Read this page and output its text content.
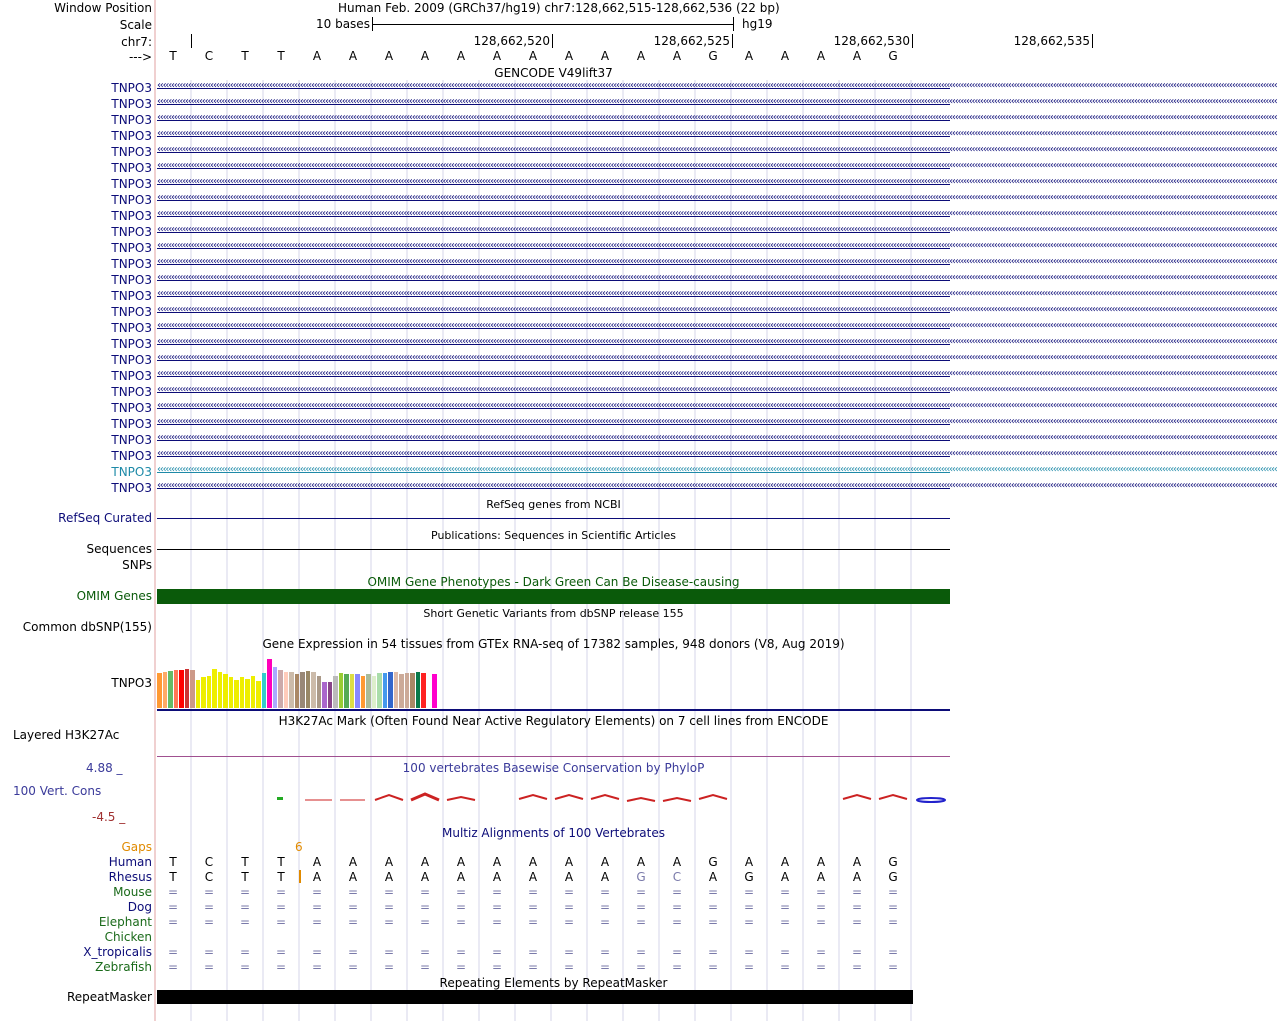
Window Position	Human Feb. 2009 (GRCh37/hg19) chr7:128,662,515-128,662,536 (22 bp)
Scale	10 bases	hg19
chr7:	128,662,520	128,662,525	128,662,530	128,662,535
--->	T	C	T	T	A	A	A	A	A	A	A	A	A	A	A	G	A	A	A	A	G
GENCODE V49lift37
TNPO3 ‹‹‹‹‹‹‹‹‹‹‹‹‹‹‹‹‹‹‹‹‹‹‹‹‹‹‹‹‹‹‹‹‹‹‹‹‹‹‹‹‹‹‹‹‹‹‹‹‹‹‹‹‹‹‹‹‹‹‹‹‹‹‹‹‹‹‹‹‹‹‹‹‹‹‹‹‹‹‹‹‹‹‹‹‹‹‹‹‹‹‹‹‹‹‹‹‹‹‹‹‹‹‹‹‹‹‹‹‹‹‹‹‹‹‹‹‹‹‹‹‹‹‹‹‹‹‹‹‹‹‹‹‹‹‹‹‹‹‹‹‹‹‹‹‹‹‹‹‹‹‹‹‹‹‹‹‹‹‹‹‹‹‹‹‹‹‹‹‹‹‹‹‹‹‹‹‹‹‹‹‹‹‹‹‹‹‹‹‹‹‹‹‹‹‹‹‹‹‹‹‹‹‹‹‹‹‹‹‹‹‹‹‹‹‹‹‹‹‹‹‹‹‹‹‹‹‹‹‹‹‹‹‹‹‹‹‹‹‹‹‹‹‹‹‹‹‹‹‹‹‹‹‹‹‹‹‹‹‹‹‹‹‹‹‹‹‹‹‹‹‹‹‹‹‹‹‹‹‹‹‹‹‹‹‹‹‹‹‹‹‹‹‹‹‹‹‹‹‹‹‹‹‹‹‹‹‹‹‹‹‹‹‹‹‹‹‹‹‹‹‹‹‹‹‹‹‹‹‹‹‹‹‹‹‹‹‹‹‹‹‹‹‹‹‹‹‹‹‹‹‹‹‹‹‹‹‹‹‹‹‹‹‹‹‹‹‹‹‹‹‹‹‹‹‹‹‹‹‹‹‹‹‹‹‹‹‹‹‹‹‹‹‹‹‹‹‹‹‹‹
TNPO3 ‹‹‹‹‹‹‹‹‹‹‹‹‹‹‹‹‹‹‹‹‹‹‹‹‹‹‹‹‹‹‹‹‹‹‹‹‹‹‹‹‹‹‹‹‹‹‹‹‹‹‹‹‹‹‹‹‹‹‹‹‹‹‹‹‹‹‹‹‹‹‹‹‹‹‹‹‹‹‹‹‹‹‹‹‹‹‹‹‹‹‹‹‹‹‹‹‹‹‹‹‹‹‹‹‹‹‹‹‹‹‹‹‹‹‹‹‹‹‹‹‹‹‹‹‹‹‹‹‹‹‹‹‹‹‹‹‹‹‹‹‹‹‹‹‹‹‹‹‹‹‹‹‹‹‹‹‹‹‹‹‹‹‹‹‹‹‹‹‹‹‹‹‹‹‹‹‹‹‹‹‹‹‹‹‹‹‹‹‹‹‹‹‹‹‹‹‹‹‹‹‹‹‹‹‹‹‹‹‹‹‹‹‹‹‹‹‹‹‹‹‹‹‹‹‹‹‹‹‹‹‹‹‹‹‹‹‹‹‹‹‹‹‹‹‹‹‹‹‹‹‹‹‹‹‹‹‹‹‹‹‹‹‹‹‹‹‹‹‹‹‹‹‹‹‹‹‹‹‹‹‹‹‹‹‹‹‹‹‹‹‹‹‹‹‹‹‹‹‹‹‹‹‹‹‹‹‹‹‹‹‹‹‹‹‹‹‹‹‹‹‹‹‹‹‹‹‹‹‹‹‹‹‹‹‹‹‹‹‹‹‹‹‹‹‹‹‹‹‹‹‹‹‹‹‹‹‹‹‹‹‹‹‹‹‹‹‹‹‹‹‹‹‹‹‹‹‹‹‹‹‹‹‹‹‹‹‹‹‹‹‹‹‹‹‹‹‹‹‹‹
TNPO3 ‹‹‹‹‹‹‹‹‹‹‹‹‹‹‹‹‹‹‹‹‹‹‹‹‹‹‹‹‹‹‹‹‹‹‹‹‹‹‹‹‹‹‹‹‹‹‹‹‹‹‹‹‹‹‹‹‹‹‹‹‹‹‹‹‹‹‹‹‹‹‹‹‹‹‹‹‹‹‹‹‹‹‹‹‹‹‹‹‹‹‹‹‹‹‹‹‹‹‹‹‹‹‹‹‹‹‹‹‹‹‹‹‹‹‹‹‹‹‹‹‹‹‹‹‹‹‹‹‹‹‹‹‹‹‹‹‹‹‹‹‹‹‹‹‹‹‹‹‹‹‹‹‹‹‹‹‹‹‹‹‹‹‹‹‹‹‹‹‹‹‹‹‹‹‹‹‹‹‹‹‹‹‹‹‹‹‹‹‹‹‹‹‹‹‹‹‹‹‹‹‹‹‹‹‹‹‹‹‹‹‹‹‹‹‹‹‹‹‹‹‹‹‹‹‹‹‹‹‹‹‹‹‹‹‹‹‹‹‹‹‹‹‹‹‹‹‹‹‹‹‹‹‹‹‹‹‹‹‹‹‹‹‹‹‹‹‹‹‹‹‹‹‹‹‹‹‹‹‹‹‹‹‹‹‹‹‹‹‹‹‹‹‹‹‹‹‹‹‹‹‹‹‹‹‹‹‹‹‹‹‹‹‹‹‹‹‹‹‹‹‹‹‹‹‹‹‹‹‹‹‹‹‹‹‹‹‹‹‹‹‹‹‹‹‹‹‹‹‹‹‹‹‹‹‹‹‹‹‹‹‹‹‹‹‹‹‹‹‹‹‹‹‹‹‹‹‹‹‹‹‹‹‹‹‹‹‹‹‹‹‹‹‹‹‹‹‹‹‹‹
TNPO3 ‹‹‹‹‹‹‹‹‹‹‹‹‹‹‹‹‹‹‹‹‹‹‹‹‹‹‹‹‹‹‹‹‹‹‹‹‹‹‹‹‹‹‹‹‹‹‹‹‹‹‹‹‹‹‹‹‹‹‹‹‹‹‹‹‹‹‹‹‹‹‹‹‹‹‹‹‹‹‹‹‹‹‹‹‹‹‹‹‹‹‹‹‹‹‹‹‹‹‹‹‹‹‹‹‹‹‹‹‹‹‹‹‹‹‹‹‹‹‹‹‹‹‹‹‹‹‹‹‹‹‹‹‹‹‹‹‹‹‹‹‹‹‹‹‹‹‹‹‹‹‹‹‹‹‹‹‹‹‹‹‹‹‹‹‹‹‹‹‹‹‹‹‹‹‹‹‹‹‹‹‹‹‹‹‹‹‹‹‹‹‹‹‹‹‹‹‹‹‹‹‹‹‹‹‹‹‹‹‹‹‹‹‹‹‹‹‹‹‹‹‹‹‹‹‹‹‹‹‹‹‹‹‹‹‹‹‹‹‹‹‹‹‹‹‹‹‹‹‹‹‹‹‹‹‹‹‹‹‹‹‹‹‹‹‹‹‹‹‹‹‹‹‹‹‹‹‹‹‹‹‹‹‹‹‹‹‹‹‹‹‹‹‹‹‹‹‹‹‹‹‹‹‹‹‹‹‹‹‹‹‹‹‹‹‹‹‹‹‹‹‹‹‹‹‹‹‹‹‹‹‹‹‹‹‹‹‹‹‹‹‹‹‹‹‹‹‹‹‹‹‹‹‹‹‹‹‹‹‹‹‹‹‹‹‹‹‹‹‹‹‹‹‹‹‹‹‹‹‹‹‹‹‹‹‹‹‹‹‹‹‹‹‹‹‹‹‹‹‹‹
TNPO3 ‹‹‹‹‹‹‹‹‹‹‹‹‹‹‹‹‹‹‹‹‹‹‹‹‹‹‹‹‹‹‹‹‹‹‹‹‹‹‹‹‹‹‹‹‹‹‹‹‹‹‹‹‹‹‹‹‹‹‹‹‹‹‹‹‹‹‹‹‹‹‹‹‹‹‹‹‹‹‹‹‹‹‹‹‹‹‹‹‹‹‹‹‹‹‹‹‹‹‹‹‹‹‹‹‹‹‹‹‹‹‹‹‹‹‹‹‹‹‹‹‹‹‹‹‹‹‹‹‹‹‹‹‹‹‹‹‹‹‹‹‹‹‹‹‹‹‹‹‹‹‹‹‹‹‹‹‹‹‹‹‹‹‹‹‹‹‹‹‹‹‹‹‹‹‹‹‹‹‹‹‹‹‹‹‹‹‹‹‹‹‹‹‹‹‹‹‹‹‹‹‹‹‹‹‹‹‹‹‹‹‹‹‹‹‹‹‹‹‹‹‹‹‹‹‹‹‹‹‹‹‹‹‹‹‹‹‹‹‹‹‹‹‹‹‹‹‹‹‹‹‹‹‹‹‹‹‹‹‹‹‹‹‹‹‹‹‹‹‹‹‹‹‹‹‹‹‹‹‹‹‹‹‹‹‹‹‹‹‹‹‹‹‹‹‹‹‹‹‹‹‹‹‹‹‹‹‹‹‹‹‹‹‹‹‹‹‹‹‹‹‹‹‹‹‹‹‹‹‹‹‹‹‹‹‹‹‹‹‹‹‹‹‹‹‹‹‹‹‹‹‹‹‹‹‹‹‹‹‹‹‹‹‹‹‹‹‹‹‹‹‹‹‹‹‹‹‹‹‹‹‹‹‹‹‹‹‹‹‹‹‹‹‹‹‹‹‹‹‹‹
TNPO3 ‹‹‹‹‹‹‹‹‹‹‹‹‹‹‹‹‹‹‹‹‹‹‹‹‹‹‹‹‹‹‹‹‹‹‹‹‹‹‹‹‹‹‹‹‹‹‹‹‹‹‹‹‹‹‹‹‹‹‹‹‹‹‹‹‹‹‹‹‹‹‹‹‹‹‹‹‹‹‹‹‹‹‹‹‹‹‹‹‹‹‹‹‹‹‹‹‹‹‹‹‹‹‹‹‹‹‹‹‹‹‹‹‹‹‹‹‹‹‹‹‹‹‹‹‹‹‹‹‹‹‹‹‹‹‹‹‹‹‹‹‹‹‹‹‹‹‹‹‹‹‹‹‹‹‹‹‹‹‹‹‹‹‹‹‹‹‹‹‹‹‹‹‹‹‹‹‹‹‹‹‹‹‹‹‹‹‹‹‹‹‹‹‹‹‹‹‹‹‹‹‹‹‹‹‹‹‹‹‹‹‹‹‹‹‹‹‹‹‹‹‹‹‹‹‹‹‹‹‹‹‹‹‹‹‹‹‹‹‹‹‹‹‹‹‹‹‹‹‹‹‹‹‹‹‹‹‹‹‹‹‹‹‹‹‹‹‹‹‹‹‹‹‹‹‹‹‹‹‹‹‹‹‹‹‹‹‹‹‹‹‹‹‹‹‹‹‹‹‹‹‹‹‹‹‹‹‹‹‹‹‹‹‹‹‹‹‹‹‹‹‹‹‹‹‹‹‹‹‹‹‹‹‹‹‹‹‹‹‹‹‹‹‹‹‹‹‹‹‹‹‹‹‹‹‹‹‹‹‹‹‹‹‹‹‹‹‹‹‹‹‹‹‹‹‹‹‹‹‹‹‹‹‹‹‹‹‹‹‹‹‹‹‹‹‹‹‹‹‹‹
TNPO3 ‹‹‹‹‹‹‹‹‹‹‹‹‹‹‹‹‹‹‹‹‹‹‹‹‹‹‹‹‹‹‹‹‹‹‹‹‹‹‹‹‹‹‹‹‹‹‹‹‹‹‹‹‹‹‹‹‹‹‹‹‹‹‹‹‹‹‹‹‹‹‹‹‹‹‹‹‹‹‹‹‹‹‹‹‹‹‹‹‹‹‹‹‹‹‹‹‹‹‹‹‹‹‹‹‹‹‹‹‹‹‹‹‹‹‹‹‹‹‹‹‹‹‹‹‹‹‹‹‹‹‹‹‹‹‹‹‹‹‹‹‹‹‹‹‹‹‹‹‹‹‹‹‹‹‹‹‹‹‹‹‹‹‹‹‹‹‹‹‹‹‹‹‹‹‹‹‹‹‹‹‹‹‹‹‹‹‹‹‹‹‹‹‹‹‹‹‹‹‹‹‹‹‹‹‹‹‹‹‹‹‹‹‹‹‹‹‹‹‹‹‹‹‹‹‹‹‹‹‹‹‹‹‹‹‹‹‹‹‹‹‹‹‹‹‹‹‹‹‹‹‹‹‹‹‹‹‹‹‹‹‹‹‹‹‹‹‹‹‹‹‹‹‹‹‹‹‹‹‹‹‹‹‹‹‹‹‹‹‹‹‹‹‹‹‹‹‹‹‹‹‹‹‹‹‹‹‹‹‹‹‹‹‹‹‹‹‹‹‹‹‹‹‹‹‹‹‹‹‹‹‹‹‹‹‹‹‹‹‹‹‹‹‹‹‹‹‹‹‹‹‹‹‹‹‹‹‹‹‹‹‹‹‹‹‹‹‹‹‹‹‹‹‹‹‹‹‹‹‹‹‹‹‹‹‹‹‹‹‹‹‹‹‹‹‹‹‹‹‹‹
TNPO3 ‹‹‹‹‹‹‹‹‹‹‹‹‹‹‹‹‹‹‹‹‹‹‹‹‹‹‹‹‹‹‹‹‹‹‹‹‹‹‹‹‹‹‹‹‹‹‹‹‹‹‹‹‹‹‹‹‹‹‹‹‹‹‹‹‹‹‹‹‹‹‹‹‹‹‹‹‹‹‹‹‹‹‹‹‹‹‹‹‹‹‹‹‹‹‹‹‹‹‹‹‹‹‹‹‹‹‹‹‹‹‹‹‹‹‹‹‹‹‹‹‹‹‹‹‹‹‹‹‹‹‹‹‹‹‹‹‹‹‹‹‹‹‹‹‹‹‹‹‹‹‹‹‹‹‹‹‹‹‹‹‹‹‹‹‹‹‹‹‹‹‹‹‹‹‹‹‹‹‹‹‹‹‹‹‹‹‹‹‹‹‹‹‹‹‹‹‹‹‹‹‹‹‹‹‹‹‹‹‹‹‹‹‹‹‹‹‹‹‹‹‹‹‹‹‹‹‹‹‹‹‹‹‹‹‹‹‹‹‹‹‹‹‹‹‹‹‹‹‹‹‹‹‹‹‹‹‹‹‹‹‹‹‹‹‹‹‹‹‹‹‹‹‹‹‹‹‹‹‹‹‹‹‹‹‹‹‹‹‹‹‹‹‹‹‹‹‹‹‹‹‹‹‹‹‹‹‹‹‹‹‹‹‹‹‹‹‹‹‹‹‹‹‹‹‹‹‹‹‹‹‹‹‹‹‹‹‹‹‹‹‹‹‹‹‹‹‹‹‹‹‹‹‹‹‹‹‹‹‹‹‹‹‹‹‹‹‹‹‹‹‹‹‹‹‹‹‹‹‹‹‹‹‹‹‹‹‹‹‹‹‹‹‹‹‹‹‹‹‹‹
TNPO3 ‹‹‹‹‹‹‹‹‹‹‹‹‹‹‹‹‹‹‹‹‹‹‹‹‹‹‹‹‹‹‹‹‹‹‹‹‹‹‹‹‹‹‹‹‹‹‹‹‹‹‹‹‹‹‹‹‹‹‹‹‹‹‹‹‹‹‹‹‹‹‹‹‹‹‹‹‹‹‹‹‹‹‹‹‹‹‹‹‹‹‹‹‹‹‹‹‹‹‹‹‹‹‹‹‹‹‹‹‹‹‹‹‹‹‹‹‹‹‹‹‹‹‹‹‹‹‹‹‹‹‹‹‹‹‹‹‹‹‹‹‹‹‹‹‹‹‹‹‹‹‹‹‹‹‹‹‹‹‹‹‹‹‹‹‹‹‹‹‹‹‹‹‹‹‹‹‹‹‹‹‹‹‹‹‹‹‹‹‹‹‹‹‹‹‹‹‹‹‹‹‹‹‹‹‹‹‹‹‹‹‹‹‹‹‹‹‹‹‹‹‹‹‹‹‹‹‹‹‹‹‹‹‹‹‹‹‹‹‹‹‹‹‹‹‹‹‹‹‹‹‹‹‹‹‹‹‹‹‹‹‹‹‹‹‹‹‹‹‹‹‹‹‹‹‹‹‹‹‹‹‹‹‹‹‹‹‹‹‹‹‹‹‹‹‹‹‹‹‹‹‹‹‹‹‹‹‹‹‹‹‹‹‹‹‹‹‹‹‹‹‹‹‹‹‹‹‹‹‹‹‹‹‹‹‹‹‹‹‹‹‹‹‹‹‹‹‹‹‹‹‹‹‹‹‹‹‹‹‹‹‹‹‹‹‹‹‹‹‹‹‹‹‹‹‹‹‹‹‹‹‹‹‹‹‹‹‹‹‹‹‹‹‹‹‹‹‹‹‹‹
TNPO3 ‹‹‹‹‹‹‹‹‹‹‹‹‹‹‹‹‹‹‹‹‹‹‹‹‹‹‹‹‹‹‹‹‹‹‹‹‹‹‹‹‹‹‹‹‹‹‹‹‹‹‹‹‹‹‹‹‹‹‹‹‹‹‹‹‹‹‹‹‹‹‹‹‹‹‹‹‹‹‹‹‹‹‹‹‹‹‹‹‹‹‹‹‹‹‹‹‹‹‹‹‹‹‹‹‹‹‹‹‹‹‹‹‹‹‹‹‹‹‹‹‹‹‹‹‹‹‹‹‹‹‹‹‹‹‹‹‹‹‹‹‹‹‹‹‹‹‹‹‹‹‹‹‹‹‹‹‹‹‹‹‹‹‹‹‹‹‹‹‹‹‹‹‹‹‹‹‹‹‹‹‹‹‹‹‹‹‹‹‹‹‹‹‹‹‹‹‹‹‹‹‹‹‹‹‹‹‹‹‹‹‹‹‹‹‹‹‹‹‹‹‹‹‹‹‹‹‹‹‹‹‹‹‹‹‹‹‹‹‹‹‹‹‹‹‹‹‹‹‹‹‹‹‹‹‹‹‹‹‹‹‹‹‹‹‹‹‹‹‹‹‹‹‹‹‹‹‹‹‹‹‹‹‹‹‹‹‹‹‹‹‹‹‹‹‹‹‹‹‹‹‹‹‹‹‹‹‹‹‹‹‹‹‹‹‹‹‹‹‹‹‹‹‹‹‹‹‹‹‹‹‹‹‹‹‹‹‹‹‹‹‹‹‹‹‹‹‹‹‹‹‹‹‹‹‹‹‹‹‹‹‹‹‹‹‹‹‹‹‹‹‹‹‹‹‹‹‹‹‹‹‹‹‹‹‹‹‹‹‹‹‹‹‹‹‹‹‹‹‹‹
TNPO3 ‹‹‹‹‹‹‹‹‹‹‹‹‹‹‹‹‹‹‹‹‹‹‹‹‹‹‹‹‹‹‹‹‹‹‹‹‹‹‹‹‹‹‹‹‹‹‹‹‹‹‹‹‹‹‹‹‹‹‹‹‹‹‹‹‹‹‹‹‹‹‹‹‹‹‹‹‹‹‹‹‹‹‹‹‹‹‹‹‹‹‹‹‹‹‹‹‹‹‹‹‹‹‹‹‹‹‹‹‹‹‹‹‹‹‹‹‹‹‹‹‹‹‹‹‹‹‹‹‹‹‹‹‹‹‹‹‹‹‹‹‹‹‹‹‹‹‹‹‹‹‹‹‹‹‹‹‹‹‹‹‹‹‹‹‹‹‹‹‹‹‹‹‹‹‹‹‹‹‹‹‹‹‹‹‹‹‹‹‹‹‹‹‹‹‹‹‹‹‹‹‹‹‹‹‹‹‹‹‹‹‹‹‹‹‹‹‹‹‹‹‹‹‹‹‹‹‹‹‹‹‹‹‹‹‹‹‹‹‹‹‹‹‹‹‹‹‹‹‹‹‹‹‹‹‹‹‹‹‹‹‹‹‹‹‹‹‹‹‹‹‹‹‹‹‹‹‹‹‹‹‹‹‹‹‹‹‹‹‹‹‹‹‹‹‹‹‹‹‹‹‹‹‹‹‹‹‹‹‹‹‹‹‹‹‹‹‹‹‹‹‹‹‹‹‹‹‹‹‹‹‹‹‹‹‹‹‹‹‹‹‹‹‹‹‹‹‹‹‹‹‹‹‹‹‹‹‹‹‹‹‹‹‹‹‹‹‹‹‹‹‹‹‹‹‹‹‹‹‹‹‹‹‹‹‹‹‹‹‹‹‹‹‹‹‹‹‹‹‹‹
TNPO3 ‹‹‹‹‹‹‹‹‹‹‹‹‹‹‹‹‹‹‹‹‹‹‹‹‹‹‹‹‹‹‹‹‹‹‹‹‹‹‹‹‹‹‹‹‹‹‹‹‹‹‹‹‹‹‹‹‹‹‹‹‹‹‹‹‹‹‹‹‹‹‹‹‹‹‹‹‹‹‹‹‹‹‹‹‹‹‹‹‹‹‹‹‹‹‹‹‹‹‹‹‹‹‹‹‹‹‹‹‹‹‹‹‹‹‹‹‹‹‹‹‹‹‹‹‹‹‹‹‹‹‹‹‹‹‹‹‹‹‹‹‹‹‹‹‹‹‹‹‹‹‹‹‹‹‹‹‹‹‹‹‹‹‹‹‹‹‹‹‹‹‹‹‹‹‹‹‹‹‹‹‹‹‹‹‹‹‹‹‹‹‹‹‹‹‹‹‹‹‹‹‹‹‹‹‹‹‹‹‹‹‹‹‹‹‹‹‹‹‹‹‹‹‹‹‹‹‹‹‹‹‹‹‹‹‹‹‹‹‹‹‹‹‹‹‹‹‹‹‹‹‹‹‹‹‹‹‹‹‹‹‹‹‹‹‹‹‹‹‹‹‹‹‹‹‹‹‹‹‹‹‹‹‹‹‹‹‹‹‹‹‹‹‹‹‹‹‹‹‹‹‹‹‹‹‹‹‹‹‹‹‹‹‹‹‹‹‹‹‹‹‹‹‹‹‹‹‹‹‹‹‹‹‹‹‹‹‹‹‹‹‹‹‹‹‹‹‹‹‹‹‹‹‹‹‹‹‹‹‹‹‹‹‹‹‹‹‹‹‹‹‹‹‹‹‹‹‹‹‹‹‹‹‹‹‹‹‹‹‹‹‹‹‹‹‹‹‹‹‹‹
TNPO3 ‹‹‹‹‹‹‹‹‹‹‹‹‹‹‹‹‹‹‹‹‹‹‹‹‹‹‹‹‹‹‹‹‹‹‹‹‹‹‹‹‹‹‹‹‹‹‹‹‹‹‹‹‹‹‹‹‹‹‹‹‹‹‹‹‹‹‹‹‹‹‹‹‹‹‹‹‹‹‹‹‹‹‹‹‹‹‹‹‹‹‹‹‹‹‹‹‹‹‹‹‹‹‹‹‹‹‹‹‹‹‹‹‹‹‹‹‹‹‹‹‹‹‹‹‹‹‹‹‹‹‹‹‹‹‹‹‹‹‹‹‹‹‹‹‹‹‹‹‹‹‹‹‹‹‹‹‹‹‹‹‹‹‹‹‹‹‹‹‹‹‹‹‹‹‹‹‹‹‹‹‹‹‹‹‹‹‹‹‹‹‹‹‹‹‹‹‹‹‹‹‹‹‹‹‹‹‹‹‹‹‹‹‹‹‹‹‹‹‹‹‹‹‹‹‹‹‹‹‹‹‹‹‹‹‹‹‹‹‹‹‹‹‹‹‹‹‹‹‹‹‹‹‹‹‹‹‹‹‹‹‹‹‹‹‹‹‹‹‹‹‹‹‹‹‹‹‹‹‹‹‹‹‹‹‹‹‹‹‹‹‹‹‹‹‹‹‹‹‹‹‹‹‹‹‹‹‹‹‹‹‹‹‹‹‹‹‹‹‹‹‹‹‹‹‹‹‹‹‹‹‹‹‹‹‹‹‹‹‹‹‹‹‹‹‹‹‹‹‹‹‹‹‹‹‹‹‹‹‹‹‹‹‹‹‹‹‹‹‹‹‹‹‹‹‹‹‹‹‹‹‹‹‹‹‹‹‹‹‹‹‹‹‹‹‹‹‹‹‹‹
TNPO3 ‹‹‹‹‹‹‹‹‹‹‹‹‹‹‹‹‹‹‹‹‹‹‹‹‹‹‹‹‹‹‹‹‹‹‹‹‹‹‹‹‹‹‹‹‹‹‹‹‹‹‹‹‹‹‹‹‹‹‹‹‹‹‹‹‹‹‹‹‹‹‹‹‹‹‹‹‹‹‹‹‹‹‹‹‹‹‹‹‹‹‹‹‹‹‹‹‹‹‹‹‹‹‹‹‹‹‹‹‹‹‹‹‹‹‹‹‹‹‹‹‹‹‹‹‹‹‹‹‹‹‹‹‹‹‹‹‹‹‹‹‹‹‹‹‹‹‹‹‹‹‹‹‹‹‹‹‹‹‹‹‹‹‹‹‹‹‹‹‹‹‹‹‹‹‹‹‹‹‹‹‹‹‹‹‹‹‹‹‹‹‹‹‹‹‹‹‹‹‹‹‹‹‹‹‹‹‹‹‹‹‹‹‹‹‹‹‹‹‹‹‹‹‹‹‹‹‹‹‹‹‹‹‹‹‹‹‹‹‹‹‹‹‹‹‹‹‹‹‹‹‹‹‹‹‹‹‹‹‹‹‹‹‹‹‹‹‹‹‹‹‹‹‹‹‹‹‹‹‹‹‹‹‹‹‹‹‹‹‹‹‹‹‹‹‹‹‹‹‹‹‹‹‹‹‹‹‹‹‹‹‹‹‹‹‹‹‹‹‹‹‹‹‹‹‹‹‹‹‹‹‹‹‹‹‹‹‹‹‹‹‹‹‹‹‹‹‹‹‹‹‹‹‹‹‹‹‹‹‹‹‹‹‹‹‹‹‹‹‹‹‹‹‹‹‹‹‹‹‹‹‹‹‹‹‹‹‹‹‹‹‹‹‹‹‹‹‹‹‹‹
TNPO3 ‹‹‹‹‹‹‹‹‹‹‹‹‹‹‹‹‹‹‹‹‹‹‹‹‹‹‹‹‹‹‹‹‹‹‹‹‹‹‹‹‹‹‹‹‹‹‹‹‹‹‹‹‹‹‹‹‹‹‹‹‹‹‹‹‹‹‹‹‹‹‹‹‹‹‹‹‹‹‹‹‹‹‹‹‹‹‹‹‹‹‹‹‹‹‹‹‹‹‹‹‹‹‹‹‹‹‹‹‹‹‹‹‹‹‹‹‹‹‹‹‹‹‹‹‹‹‹‹‹‹‹‹‹‹‹‹‹‹‹‹‹‹‹‹‹‹‹‹‹‹‹‹‹‹‹‹‹‹‹‹‹‹‹‹‹‹‹‹‹‹‹‹‹‹‹‹‹‹‹‹‹‹‹‹‹‹‹‹‹‹‹‹‹‹‹‹‹‹‹‹‹‹‹‹‹‹‹‹‹‹‹‹‹‹‹‹‹‹‹‹‹‹‹‹‹‹‹‹‹‹‹‹‹‹‹‹‹‹‹‹‹‹‹‹‹‹‹‹‹‹‹‹‹‹‹‹‹‹‹‹‹‹‹‹‹‹‹‹‹‹‹‹‹‹‹‹‹‹‹‹‹‹‹‹‹‹‹‹‹‹‹‹‹‹‹‹‹‹‹‹‹‹‹‹‹‹‹‹‹‹‹‹‹‹‹‹‹‹‹‹‹‹‹‹‹‹‹‹‹‹‹‹‹‹‹‹‹‹‹‹‹‹‹‹‹‹‹‹‹‹‹‹‹‹‹‹‹‹‹‹‹‹‹‹‹‹‹‹‹‹‹‹‹‹‹‹‹‹‹‹‹‹‹‹‹‹‹‹‹‹‹‹‹‹‹‹‹‹‹‹
TNPO3 ‹‹‹‹‹‹‹‹‹‹‹‹‹‹‹‹‹‹‹‹‹‹‹‹‹‹‹‹‹‹‹‹‹‹‹‹‹‹‹‹‹‹‹‹‹‹‹‹‹‹‹‹‹‹‹‹‹‹‹‹‹‹‹‹‹‹‹‹‹‹‹‹‹‹‹‹‹‹‹‹‹‹‹‹‹‹‹‹‹‹‹‹‹‹‹‹‹‹‹‹‹‹‹‹‹‹‹‹‹‹‹‹‹‹‹‹‹‹‹‹‹‹‹‹‹‹‹‹‹‹‹‹‹‹‹‹‹‹‹‹‹‹‹‹‹‹‹‹‹‹‹‹‹‹‹‹‹‹‹‹‹‹‹‹‹‹‹‹‹‹‹‹‹‹‹‹‹‹‹‹‹‹‹‹‹‹‹‹‹‹‹‹‹‹‹‹‹‹‹‹‹‹‹‹‹‹‹‹‹‹‹‹‹‹‹‹‹‹‹‹‹‹‹‹‹‹‹‹‹‹‹‹‹‹‹‹‹‹‹‹‹‹‹‹‹‹‹‹‹‹‹‹‹‹‹‹‹‹‹‹‹‹‹‹‹‹‹‹‹‹‹‹‹‹‹‹‹‹‹‹‹‹‹‹‹‹‹‹‹‹‹‹‹‹‹‹‹‹‹‹‹‹‹‹‹‹‹‹‹‹‹‹‹‹‹‹‹‹‹‹‹‹‹‹‹‹‹‹‹‹‹‹‹‹‹‹‹‹‹‹‹‹‹‹‹‹‹‹‹‹‹‹‹‹‹‹‹‹‹‹‹‹‹‹‹‹‹‹‹‹‹‹‹‹‹‹‹‹‹‹‹‹‹‹‹‹‹‹‹‹‹‹‹‹‹‹‹‹‹‹
TNPO3 ‹‹‹‹‹‹‹‹‹‹‹‹‹‹‹‹‹‹‹‹‹‹‹‹‹‹‹‹‹‹‹‹‹‹‹‹‹‹‹‹‹‹‹‹‹‹‹‹‹‹‹‹‹‹‹‹‹‹‹‹‹‹‹‹‹‹‹‹‹‹‹‹‹‹‹‹‹‹‹‹‹‹‹‹‹‹‹‹‹‹‹‹‹‹‹‹‹‹‹‹‹‹‹‹‹‹‹‹‹‹‹‹‹‹‹‹‹‹‹‹‹‹‹‹‹‹‹‹‹‹‹‹‹‹‹‹‹‹‹‹‹‹‹‹‹‹‹‹‹‹‹‹‹‹‹‹‹‹‹‹‹‹‹‹‹‹‹‹‹‹‹‹‹‹‹‹‹‹‹‹‹‹‹‹‹‹‹‹‹‹‹‹‹‹‹‹‹‹‹‹‹‹‹‹‹‹‹‹‹‹‹‹‹‹‹‹‹‹‹‹‹‹‹‹‹‹‹‹‹‹‹‹‹‹‹‹‹‹‹‹‹‹‹‹‹‹‹‹‹‹‹‹‹‹‹‹‹‹‹‹‹‹‹‹‹‹‹‹‹‹‹‹‹‹‹‹‹‹‹‹‹‹‹‹‹‹‹‹‹‹‹‹‹‹‹‹‹‹‹‹‹‹‹‹‹‹‹‹‹‹‹‹‹‹‹‹‹‹‹‹‹‹‹‹‹‹‹‹‹‹‹‹‹‹‹‹‹‹‹‹‹‹‹‹‹‹‹‹‹‹‹‹‹‹‹‹‹‹‹‹‹‹‹‹‹‹‹‹‹‹‹‹‹‹‹‹‹‹‹‹‹‹‹‹‹‹‹‹‹‹‹‹‹‹‹‹‹‹‹‹
TNPO3 ‹‹‹‹‹‹‹‹‹‹‹‹‹‹‹‹‹‹‹‹‹‹‹‹‹‹‹‹‹‹‹‹‹‹‹‹‹‹‹‹‹‹‹‹‹‹‹‹‹‹‹‹‹‹‹‹‹‹‹‹‹‹‹‹‹‹‹‹‹‹‹‹‹‹‹‹‹‹‹‹‹‹‹‹‹‹‹‹‹‹‹‹‹‹‹‹‹‹‹‹‹‹‹‹‹‹‹‹‹‹‹‹‹‹‹‹‹‹‹‹‹‹‹‹‹‹‹‹‹‹‹‹‹‹‹‹‹‹‹‹‹‹‹‹‹‹‹‹‹‹‹‹‹‹‹‹‹‹‹‹‹‹‹‹‹‹‹‹‹‹‹‹‹‹‹‹‹‹‹‹‹‹‹‹‹‹‹‹‹‹‹‹‹‹‹‹‹‹‹‹‹‹‹‹‹‹‹‹‹‹‹‹‹‹‹‹‹‹‹‹‹‹‹‹‹‹‹‹‹‹‹‹‹‹‹‹‹‹‹‹‹‹‹‹‹‹‹‹‹‹‹‹‹‹‹‹‹‹‹‹‹‹‹‹‹‹‹‹‹‹‹‹‹‹‹‹‹‹‹‹‹‹‹‹‹‹‹‹‹‹‹‹‹‹‹‹‹‹‹‹‹‹‹‹‹‹‹‹‹‹‹‹‹‹‹‹‹‹‹‹‹‹‹‹‹‹‹‹‹‹‹‹‹‹‹‹‹‹‹‹‹‹‹‹‹‹‹‹‹‹‹‹‹‹‹‹‹‹‹‹‹‹‹‹‹‹‹‹‹‹‹‹‹‹‹‹‹‹‹‹‹‹‹‹‹‹‹‹‹‹‹‹‹‹‹‹‹‹‹‹
TNPO3 ‹‹‹‹‹‹‹‹‹‹‹‹‹‹‹‹‹‹‹‹‹‹‹‹‹‹‹‹‹‹‹‹‹‹‹‹‹‹‹‹‹‹‹‹‹‹‹‹‹‹‹‹‹‹‹‹‹‹‹‹‹‹‹‹‹‹‹‹‹‹‹‹‹‹‹‹‹‹‹‹‹‹‹‹‹‹‹‹‹‹‹‹‹‹‹‹‹‹‹‹‹‹‹‹‹‹‹‹‹‹‹‹‹‹‹‹‹‹‹‹‹‹‹‹‹‹‹‹‹‹‹‹‹‹‹‹‹‹‹‹‹‹‹‹‹‹‹‹‹‹‹‹‹‹‹‹‹‹‹‹‹‹‹‹‹‹‹‹‹‹‹‹‹‹‹‹‹‹‹‹‹‹‹‹‹‹‹‹‹‹‹‹‹‹‹‹‹‹‹‹‹‹‹‹‹‹‹‹‹‹‹‹‹‹‹‹‹‹‹‹‹‹‹‹‹‹‹‹‹‹‹‹‹‹‹‹‹‹‹‹‹‹‹‹‹‹‹‹‹‹‹‹‹‹‹‹‹‹‹‹‹‹‹‹‹‹‹‹‹‹‹‹‹‹‹‹‹‹‹‹‹‹‹‹‹‹‹‹‹‹‹‹‹‹‹‹‹‹‹‹‹‹‹‹‹‹‹‹‹‹‹‹‹‹‹‹‹‹‹‹‹‹‹‹‹‹‹‹‹‹‹‹‹‹‹‹‹‹‹‹‹‹‹‹‹‹‹‹‹‹‹‹‹‹‹‹‹‹‹‹‹‹‹‹‹‹‹‹‹‹‹‹‹‹‹‹‹‹‹‹‹‹‹‹‹‹‹‹‹‹‹‹‹‹‹‹‹‹‹‹
TNPO3 ‹‹‹‹‹‹‹‹‹‹‹‹‹‹‹‹‹‹‹‹‹‹‹‹‹‹‹‹‹‹‹‹‹‹‹‹‹‹‹‹‹‹‹‹‹‹‹‹‹‹‹‹‹‹‹‹‹‹‹‹‹‹‹‹‹‹‹‹‹‹‹‹‹‹‹‹‹‹‹‹‹‹‹‹‹‹‹‹‹‹‹‹‹‹‹‹‹‹‹‹‹‹‹‹‹‹‹‹‹‹‹‹‹‹‹‹‹‹‹‹‹‹‹‹‹‹‹‹‹‹‹‹‹‹‹‹‹‹‹‹‹‹‹‹‹‹‹‹‹‹‹‹‹‹‹‹‹‹‹‹‹‹‹‹‹‹‹‹‹‹‹‹‹‹‹‹‹‹‹‹‹‹‹‹‹‹‹‹‹‹‹‹‹‹‹‹‹‹‹‹‹‹‹‹‹‹‹‹‹‹‹‹‹‹‹‹‹‹‹‹‹‹‹‹‹‹‹‹‹‹‹‹‹‹‹‹‹‹‹‹‹‹‹‹‹‹‹‹‹‹‹‹‹‹‹‹‹‹‹‹‹‹‹‹‹‹‹‹‹‹‹‹‹‹‹‹‹‹‹‹‹‹‹‹‹‹‹‹‹‹‹‹‹‹‹‹‹‹‹‹‹‹‹‹‹‹‹‹‹‹‹‹‹‹‹‹‹‹‹‹‹‹‹‹‹‹‹‹‹‹‹‹‹‹‹‹‹‹‹‹‹‹‹‹‹‹‹‹‹‹‹‹‹‹‹‹‹‹‹‹‹‹‹‹‹‹‹‹‹‹‹‹‹‹‹‹‹‹‹‹‹‹‹‹‹‹‹‹‹‹‹‹‹‹‹‹‹‹‹‹
TNPO3 ‹‹‹‹‹‹‹‹‹‹‹‹‹‹‹‹‹‹‹‹‹‹‹‹‹‹‹‹‹‹‹‹‹‹‹‹‹‹‹‹‹‹‹‹‹‹‹‹‹‹‹‹‹‹‹‹‹‹‹‹‹‹‹‹‹‹‹‹‹‹‹‹‹‹‹‹‹‹‹‹‹‹‹‹‹‹‹‹‹‹‹‹‹‹‹‹‹‹‹‹‹‹‹‹‹‹‹‹‹‹‹‹‹‹‹‹‹‹‹‹‹‹‹‹‹‹‹‹‹‹‹‹‹‹‹‹‹‹‹‹‹‹‹‹‹‹‹‹‹‹‹‹‹‹‹‹‹‹‹‹‹‹‹‹‹‹‹‹‹‹‹‹‹‹‹‹‹‹‹‹‹‹‹‹‹‹‹‹‹‹‹‹‹‹‹‹‹‹‹‹‹‹‹‹‹‹‹‹‹‹‹‹‹‹‹‹‹‹‹‹‹‹‹‹‹‹‹‹‹‹‹‹‹‹‹‹‹‹‹‹‹‹‹‹‹‹‹‹‹‹‹‹‹‹‹‹‹‹‹‹‹‹‹‹‹‹‹‹‹‹‹‹‹‹‹‹‹‹‹‹‹‹‹‹‹‹‹‹‹‹‹‹‹‹‹‹‹‹‹‹‹‹‹‹‹‹‹‹‹‹‹‹‹‹‹‹‹‹‹‹‹‹‹‹‹‹‹‹‹‹‹‹‹‹‹‹‹‹‹‹‹‹‹‹‹‹‹‹‹‹‹‹‹‹‹‹‹‹‹‹‹‹‹‹‹‹‹‹‹‹‹‹‹‹‹‹‹‹‹‹‹‹‹‹‹‹‹‹‹‹‹‹‹‹‹‹‹‹‹‹
TNPO3 ‹‹‹‹‹‹‹‹‹‹‹‹‹‹‹‹‹‹‹‹‹‹‹‹‹‹‹‹‹‹‹‹‹‹‹‹‹‹‹‹‹‹‹‹‹‹‹‹‹‹‹‹‹‹‹‹‹‹‹‹‹‹‹‹‹‹‹‹‹‹‹‹‹‹‹‹‹‹‹‹‹‹‹‹‹‹‹‹‹‹‹‹‹‹‹‹‹‹‹‹‹‹‹‹‹‹‹‹‹‹‹‹‹‹‹‹‹‹‹‹‹‹‹‹‹‹‹‹‹‹‹‹‹‹‹‹‹‹‹‹‹‹‹‹‹‹‹‹‹‹‹‹‹‹‹‹‹‹‹‹‹‹‹‹‹‹‹‹‹‹‹‹‹‹‹‹‹‹‹‹‹‹‹‹‹‹‹‹‹‹‹‹‹‹‹‹‹‹‹‹‹‹‹‹‹‹‹‹‹‹‹‹‹‹‹‹‹‹‹‹‹‹‹‹‹‹‹‹‹‹‹‹‹‹‹‹‹‹‹‹‹‹‹‹‹‹‹‹‹‹‹‹‹‹‹‹‹‹‹‹‹‹‹‹‹‹‹‹‹‹‹‹‹‹‹‹‹‹‹‹‹‹‹‹‹‹‹‹‹‹‹‹‹‹‹‹‹‹‹‹‹‹‹‹‹‹‹‹‹‹‹‹‹‹‹‹‹‹‹‹‹‹‹‹‹‹‹‹‹‹‹‹‹‹‹‹‹‹‹‹‹‹‹‹‹‹‹‹‹‹‹‹‹‹‹‹‹‹‹‹‹‹‹‹‹‹‹‹‹‹‹‹‹‹‹‹‹‹‹‹‹‹‹‹‹‹‹‹‹‹‹‹‹‹‹‹‹‹‹‹
TNPO3 ‹‹‹‹‹‹‹‹‹‹‹‹‹‹‹‹‹‹‹‹‹‹‹‹‹‹‹‹‹‹‹‹‹‹‹‹‹‹‹‹‹‹‹‹‹‹‹‹‹‹‹‹‹‹‹‹‹‹‹‹‹‹‹‹‹‹‹‹‹‹‹‹‹‹‹‹‹‹‹‹‹‹‹‹‹‹‹‹‹‹‹‹‹‹‹‹‹‹‹‹‹‹‹‹‹‹‹‹‹‹‹‹‹‹‹‹‹‹‹‹‹‹‹‹‹‹‹‹‹‹‹‹‹‹‹‹‹‹‹‹‹‹‹‹‹‹‹‹‹‹‹‹‹‹‹‹‹‹‹‹‹‹‹‹‹‹‹‹‹‹‹‹‹‹‹‹‹‹‹‹‹‹‹‹‹‹‹‹‹‹‹‹‹‹‹‹‹‹‹‹‹‹‹‹‹‹‹‹‹‹‹‹‹‹‹‹‹‹‹‹‹‹‹‹‹‹‹‹‹‹‹‹‹‹‹‹‹‹‹‹‹‹‹‹‹‹‹‹‹‹‹‹‹‹‹‹‹‹‹‹‹‹‹‹‹‹‹‹‹‹‹‹‹‹‹‹‹‹‹‹‹‹‹‹‹‹‹‹‹‹‹‹‹‹‹‹‹‹‹‹‹‹‹‹‹‹‹‹‹‹‹‹‹‹‹‹‹‹‹‹‹‹‹‹‹‹‹‹‹‹‹‹‹‹‹‹‹‹‹‹‹‹‹‹‹‹‹‹‹‹‹‹‹‹‹‹‹‹‹‹‹‹‹‹‹‹‹‹‹‹‹‹‹‹‹‹‹‹‹‹‹‹‹‹‹‹‹‹‹‹‹‹‹‹‹‹‹‹‹‹
TNPO3 ‹‹‹‹‹‹‹‹‹‹‹‹‹‹‹‹‹‹‹‹‹‹‹‹‹‹‹‹‹‹‹‹‹‹‹‹‹‹‹‹‹‹‹‹‹‹‹‹‹‹‹‹‹‹‹‹‹‹‹‹‹‹‹‹‹‹‹‹‹‹‹‹‹‹‹‹‹‹‹‹‹‹‹‹‹‹‹‹‹‹‹‹‹‹‹‹‹‹‹‹‹‹‹‹‹‹‹‹‹‹‹‹‹‹‹‹‹‹‹‹‹‹‹‹‹‹‹‹‹‹‹‹‹‹‹‹‹‹‹‹‹‹‹‹‹‹‹‹‹‹‹‹‹‹‹‹‹‹‹‹‹‹‹‹‹‹‹‹‹‹‹‹‹‹‹‹‹‹‹‹‹‹‹‹‹‹‹‹‹‹‹‹‹‹‹‹‹‹‹‹‹‹‹‹‹‹‹‹‹‹‹‹‹‹‹‹‹‹‹‹‹‹‹‹‹‹‹‹‹‹‹‹‹‹‹‹‹‹‹‹‹‹‹‹‹‹‹‹‹‹‹‹‹‹‹‹‹‹‹‹‹‹‹‹‹‹‹‹‹‹‹‹‹‹‹‹‹‹‹‹‹‹‹‹‹‹‹‹‹‹‹‹‹‹‹‹‹‹‹‹‹‹‹‹‹‹‹‹‹‹‹‹‹‹‹‹‹‹‹‹‹‹‹‹‹‹‹‹‹‹‹‹‹‹‹‹‹‹‹‹‹‹‹‹‹‹‹‹‹‹‹‹‹‹‹‹‹‹‹‹‹‹‹‹‹‹‹‹‹‹‹‹‹‹‹‹‹‹‹‹‹‹‹‹‹‹‹‹‹‹‹‹‹‹‹‹‹‹‹‹
TNPO3 ‹‹‹‹‹‹‹‹‹‹‹‹‹‹‹‹‹‹‹‹‹‹‹‹‹‹‹‹‹‹‹‹‹‹‹‹‹‹‹‹‹‹‹‹‹‹‹‹‹‹‹‹‹‹‹‹‹‹‹‹‹‹‹‹‹‹‹‹‹‹‹‹‹‹‹‹‹‹‹‹‹‹‹‹‹‹‹‹‹‹‹‹‹‹‹‹‹‹‹‹‹‹‹‹‹‹‹‹‹‹‹‹‹‹‹‹‹‹‹‹‹‹‹‹‹‹‹‹‹‹‹‹‹‹‹‹‹‹‹‹‹‹‹‹‹‹‹‹‹‹‹‹‹‹‹‹‹‹‹‹‹‹‹‹‹‹‹‹‹‹‹‹‹‹‹‹‹‹‹‹‹‹‹‹‹‹‹‹‹‹‹‹‹‹‹‹‹‹‹‹‹‹‹‹‹‹‹‹‹‹‹‹‹‹‹‹‹‹‹‹‹‹‹‹‹‹‹‹‹‹‹‹‹‹‹‹‹‹‹‹‹‹‹‹‹‹‹‹‹‹‹‹‹‹‹‹‹‹‹‹‹‹‹‹‹‹‹‹‹‹‹‹‹‹‹‹‹‹‹‹‹‹‹‹‹‹‹‹‹‹‹‹‹‹‹‹‹‹‹‹‹‹‹‹‹‹‹‹‹‹‹‹‹‹‹‹‹‹‹‹‹‹‹‹‹‹‹‹‹‹‹‹‹‹‹‹‹‹‹‹‹‹‹‹‹‹‹‹‹‹‹‹‹‹‹‹‹‹‹‹‹‹‹‹‹‹‹‹‹‹‹‹‹‹‹‹‹‹‹‹‹‹‹‹‹‹‹‹‹‹‹‹‹‹‹‹‹‹‹‹
TNPO3 ‹‹‹‹‹‹‹‹‹‹‹‹‹‹‹‹‹‹‹‹‹‹‹‹‹‹‹‹‹‹‹‹‹‹‹‹‹‹‹‹‹‹‹‹‹‹‹‹‹‹‹‹‹‹‹‹‹‹‹‹‹‹‹‹‹‹‹‹‹‹‹‹‹‹‹‹‹‹‹‹‹‹‹‹‹‹‹‹‹‹‹‹‹‹‹‹‹‹‹‹‹‹‹‹‹‹‹‹‹‹‹‹‹‹‹‹‹‹‹‹‹‹‹‹‹‹‹‹‹‹‹‹‹‹‹‹‹‹‹‹‹‹‹‹‹‹‹‹‹‹‹‹‹‹‹‹‹‹‹‹‹‹‹‹‹‹‹‹‹‹‹‹‹‹‹‹‹‹‹‹‹‹‹‹‹‹‹‹‹‹‹‹‹‹‹‹‹‹‹‹‹‹‹‹‹‹‹‹‹‹‹‹‹‹‹‹‹‹‹‹‹‹‹‹‹‹‹‹‹‹‹‹‹‹‹‹‹‹‹‹‹‹‹‹‹‹‹‹‹‹‹‹‹‹‹‹‹‹‹‹‹‹‹‹‹‹‹‹‹‹‹‹‹‹‹‹‹‹‹‹‹‹‹‹‹‹‹‹‹‹‹‹‹‹‹‹‹‹‹‹‹‹‹‹‹‹‹‹‹‹‹‹‹‹‹‹‹‹‹‹‹‹‹‹‹‹‹‹‹‹‹‹‹‹‹‹‹‹‹‹‹‹‹‹‹‹‹‹‹‹‹‹‹‹‹‹‹‹‹‹‹‹‹‹‹‹‹‹‹‹‹‹‹‹‹‹‹‹‹‹‹‹‹‹‹‹‹‹‹‹‹‹‹‹‹‹‹‹‹‹
RefSeq genes from NCBI
RefSeq Curated
Publications: Sequences in Scientific Articles
Sequences
SNPs
OMIM Gene Phenotypes - Dark Green Can Be Disease-causing
OMIM Genes
Short Genetic Variants from dbSNP release 155
Common dbSNP(155)
Gene Expression in 54 tissues from GTEx RNA-seq of 17382 samples, 948 donors (V8, Aug 2019)
TNPO3
H3K27Ac Mark (Often Found Near Active Regulatory Elements) on 7 cell lines from ENCODE
Layered H3K27Ac
100 vertebrates Basewise Conservation by PhyloP
4.88 _
100 Vert. Cons
-4.5 _
Multiz Alignments of 100 Vertebrates
Gaps	6
Human	T	C	T	T	A	A	A	A	A	A	A	A	A	A	A	G	A	A	A	A	G
Rhesus	T	C	T	T	A	A	A	A	A	A	A	A	A	G	C	A	G	A	A	A	G
Mouse	=	=	=	=	=	=	=	=	=	=	=	=	=	=	=	=	=	=	=	=	=
Dog	=	=	=	=	=	=	=	=	=	=	=	=	=	=	=	=	=	=	=	=	=
Elephant	=	=	=	=	=	=	=	=	=	=	=	=	=	=	=	=	=	=	=	=	=
Chicken
X_tropicalis	=	=	=	=	=	=	=	=	=	=	=	=	=	=	=	=	=	=	=	=	=
Zebrafish	=	=	=	=	=	=	=	=	=	=	=	=	=	=	=	=	=	=	=	=	=
Repeating Elements by RepeatMasker
RepeatMasker
